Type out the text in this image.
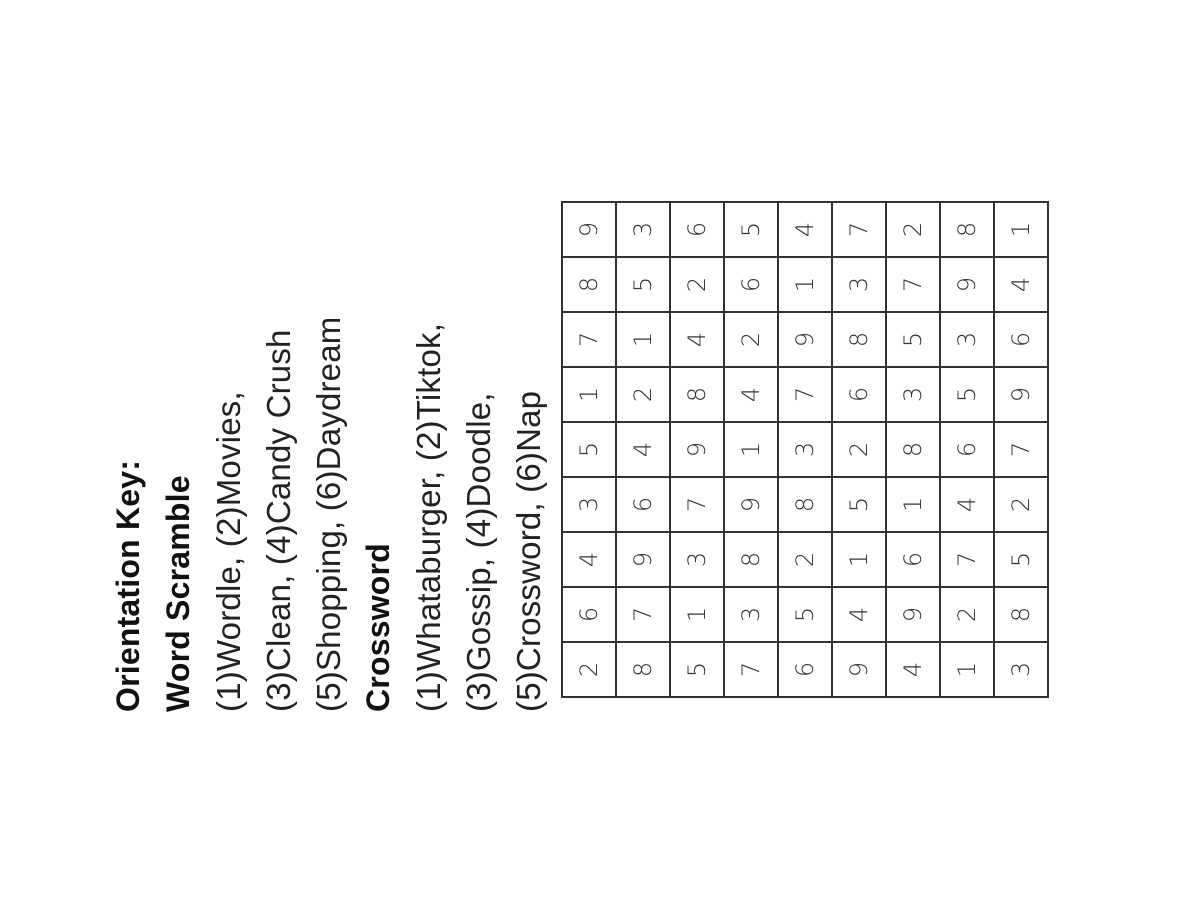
Orientation Key: Word Scramble (1)Wordle, (2)Movies, (3)Clean, (4)Candy Crush (5)Shopping, (6)Daydream Crossword (1)Whataburger, (2)Tiktok, (3)Gossip, (4)Doodle, (5)Crossword, (6)Nap 2	6	4	3	5	1	7	8	9
8	7	9	6	4	2	1	5	3
5	1	3	7	9	8	4	2	6
7	3	8	9	1	4	2	6	5
6	5	2	8	3	7	9	1	4
9	4	1	5	2	6	8	3	7
4	9	6	1	8	3	5	7	2
1	2	7	4	6	5	3	9	8
3	8	5	2	7	9	6	4	1
